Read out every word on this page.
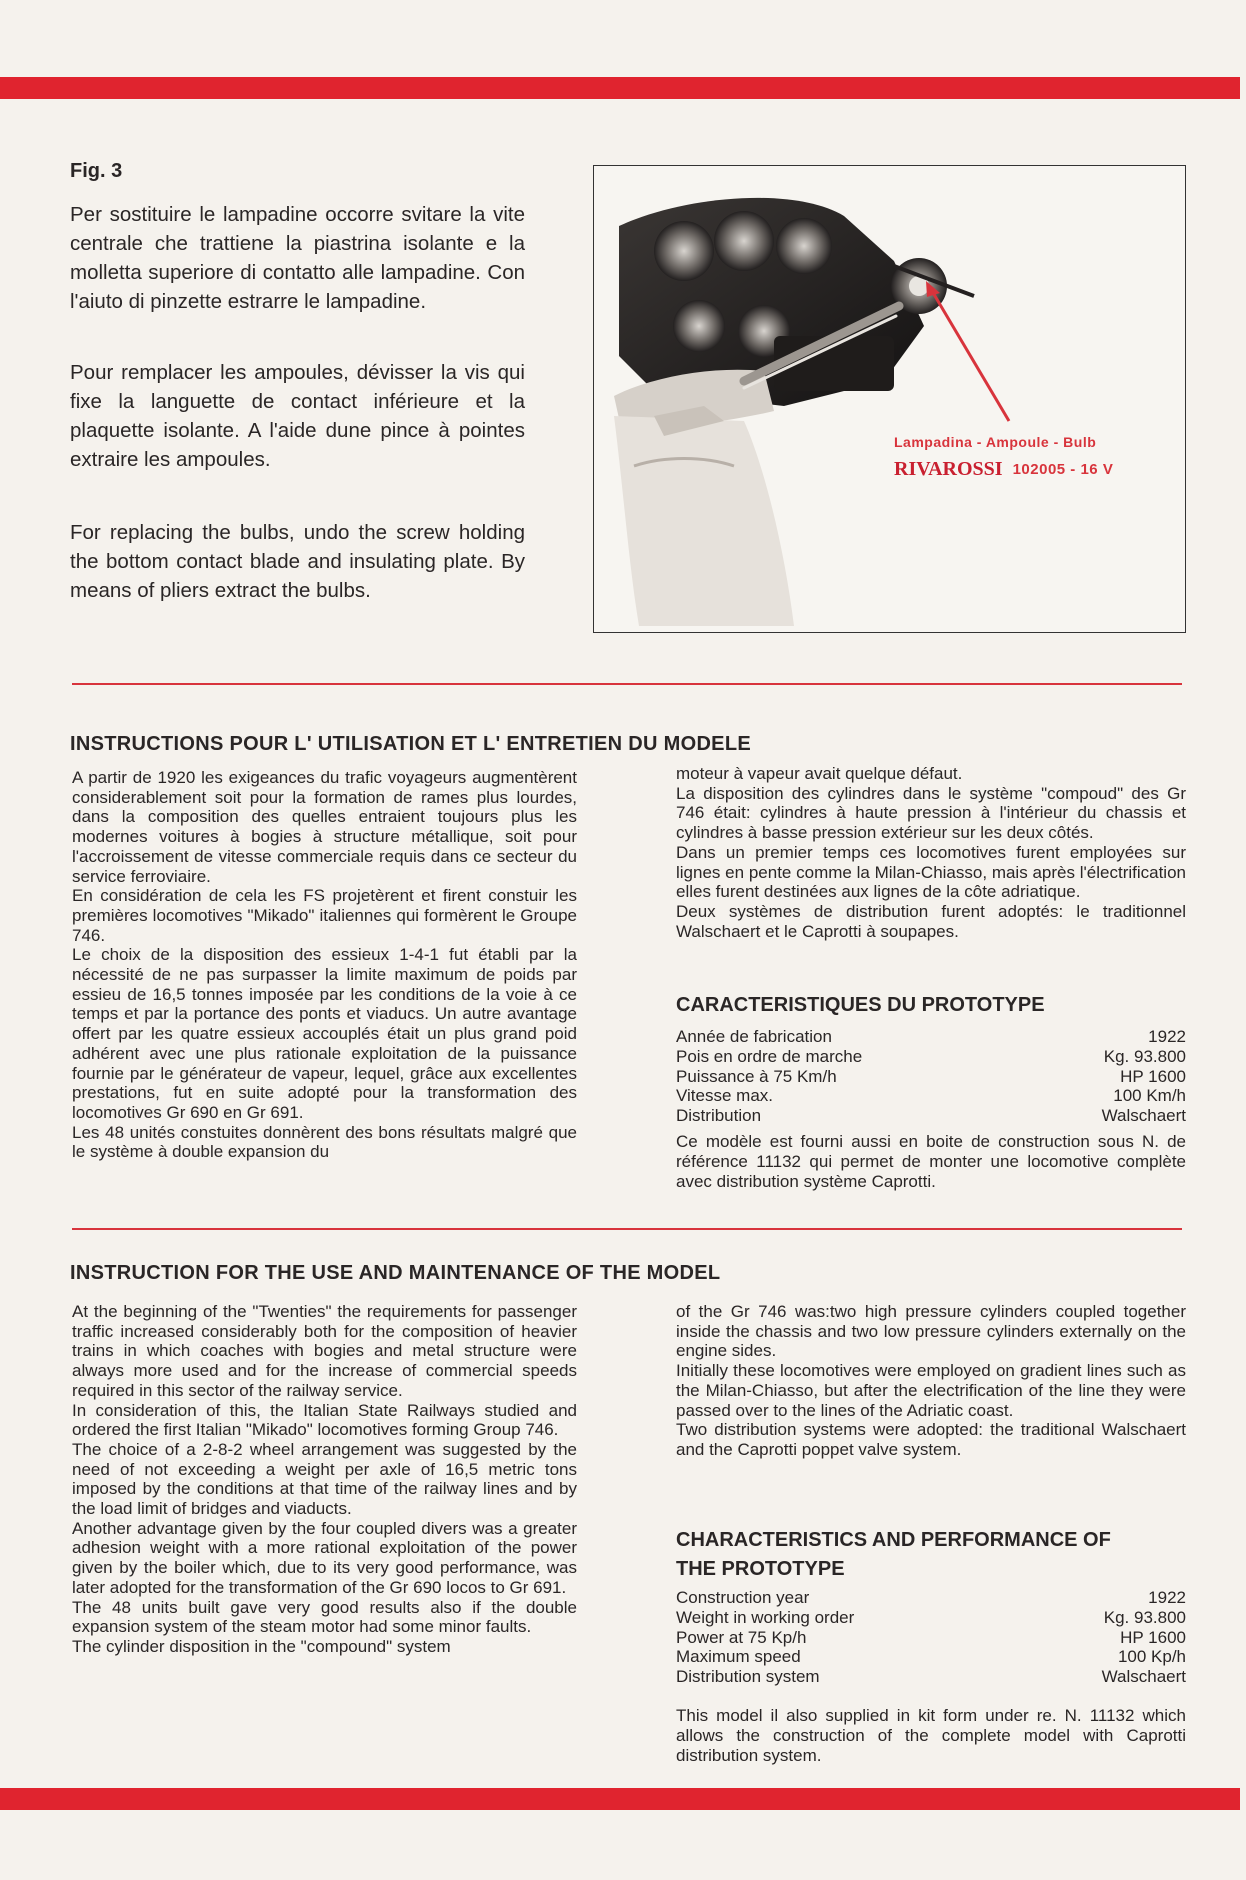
Fig. 3

Per sostituire le lampadine occorre svitare la vite centrale che trattiene la piastrina isolante e la molletta superiore di contatto alle lampadine. Con l'aiuto di pinzette estrarre le lampadine.

Pour remplacer les ampoules, dévisser la vis qui fixe la languette de contact inférieure et la plaquette isolante. A l'aide dune pince à pointes extraire les ampoules.

For replacing the bulbs, undo the screw holding the bottom contact blade and insulating plate. By means of pliers extract the bulbs.

Lampadina - Ampoule - Bulb
RIVAROSSI 102005 - 16 V
INSTRUCTIONS POUR L' UTILISATION ET L' ENTRETIEN DU MODELE

A partir de 1920 les exigeances du trafic voyageurs augmentèrent considerablement soit pour la formation de rames plus lourdes, dans la composition des quelles entraient toujours plus les modernes voitures à bogies à structure métallique, soit pour l'accroissement de vitesse commerciale requis dans ce secteur du service ferroviaire.

En considération de cela les FS projetèrent et firent constuir les premières locomotives "Mikado" italiennes qui formèrent le Groupe 746.

Le choix de la disposition des essieux 1-4-1 fut établi par la nécessité de ne pas surpasser la limite maximum de poids par essieu de 16,5 tonnes imposée par les conditions de la voie à ce temps et par la portance des ponts et viaducs. Un autre avantage offert par les quatre essieux accouplés était un plus grand poid adhérent avec une plus rationale exploitation de la puissance fournie par le générateur de vapeur, lequel, grâce aux excellentes prestations, fut en suite adopté pour la transformation des locomotives Gr 690 en Gr 691.

Les 48 unités constuites donnèrent des bons résultats malgré que le système à double expansion du

moteur à vapeur avait quelque défaut.

La disposition des cylindres dans le système "compoud" des Gr 746 était: cylindres à haute pression à l'intérieur du chassis et cylindres à basse pression extérieur sur les deux côtés.

Dans un premier temps ces locomotives furent employées sur lignes en pente comme la Milan-Chiasso, mais après l'électrification elles furent destinées aux lignes de la côte adriatique.

Deux systèmes de distribution furent adoptés: le traditionnel Walschaert et le Caprotti à soupapes.

CARACTERISTIQUES DU PROTOTYPE
Année de fabrication	1922
Pois en ordre de marche	Kg. 93.800
Puissance à 75 Km/h	HP 1600
Vitesse max.	100 Km/h
Distribution	Walschaert

Ce modèle est fourni aussi en boite de construction sous N. de référence 11132 qui permet de monter une locomotive complète avec distribution système Caprotti.

INSTRUCTION FOR THE USE AND MAINTENANCE OF THE MODEL

At the beginning of the "Twenties" the requirements for passenger traffic increased considerably both for the composition of heavier trains in which coaches with bogies and metal structure were always more used and for the increase of commercial speeds required in this sector of the railway service.

In consideration of this, the Italian State Railways studied and ordered the first Italian "Mikado" locomotives forming Group 746.

The choice of a 2-8-2 wheel arrangement was suggested by the need of not exceeding a weight per axle of 16,5 metric tons imposed by the conditions at that time of the railway lines and by the load limit of bridges and viaducts.

Another advantage given by the four coupled divers was a greater adhesion weight with a more rational exploitation of the power given by the boiler which, due to its very good performance, was later adopted for the transformation of the Gr 690 locos to Gr 691.

The 48 units built gave very good results also if the double expansion system of the steam motor had some minor faults.

The cylinder disposition in the "compound" system

of the Gr 746 was:two high pressure cylinders coupled together inside the chassis and two low pressure cylinders externally on the engine sides.

Initially these locomotives were employed on gradient lines such as the Milan-Chiasso, but after the electrification of the line they were passed over to the lines of the Adriatic coast.

Two distribution systems were adopted: the traditional Walschaert and the Caprotti poppet valve system.

CHARACTERISTICS AND PERFORMANCE OF THE PROTOTYPE
Construction year	1922
Weight in working order	Kg. 93.800
Power at 75 Kp/h	HP 1600
Maximum speed	100 Kp/h
Distribution system	Walschaert

This model il also supplied in kit form under re. N. 11132 which allows the construction of the complete model with Caprotti distribution system.
